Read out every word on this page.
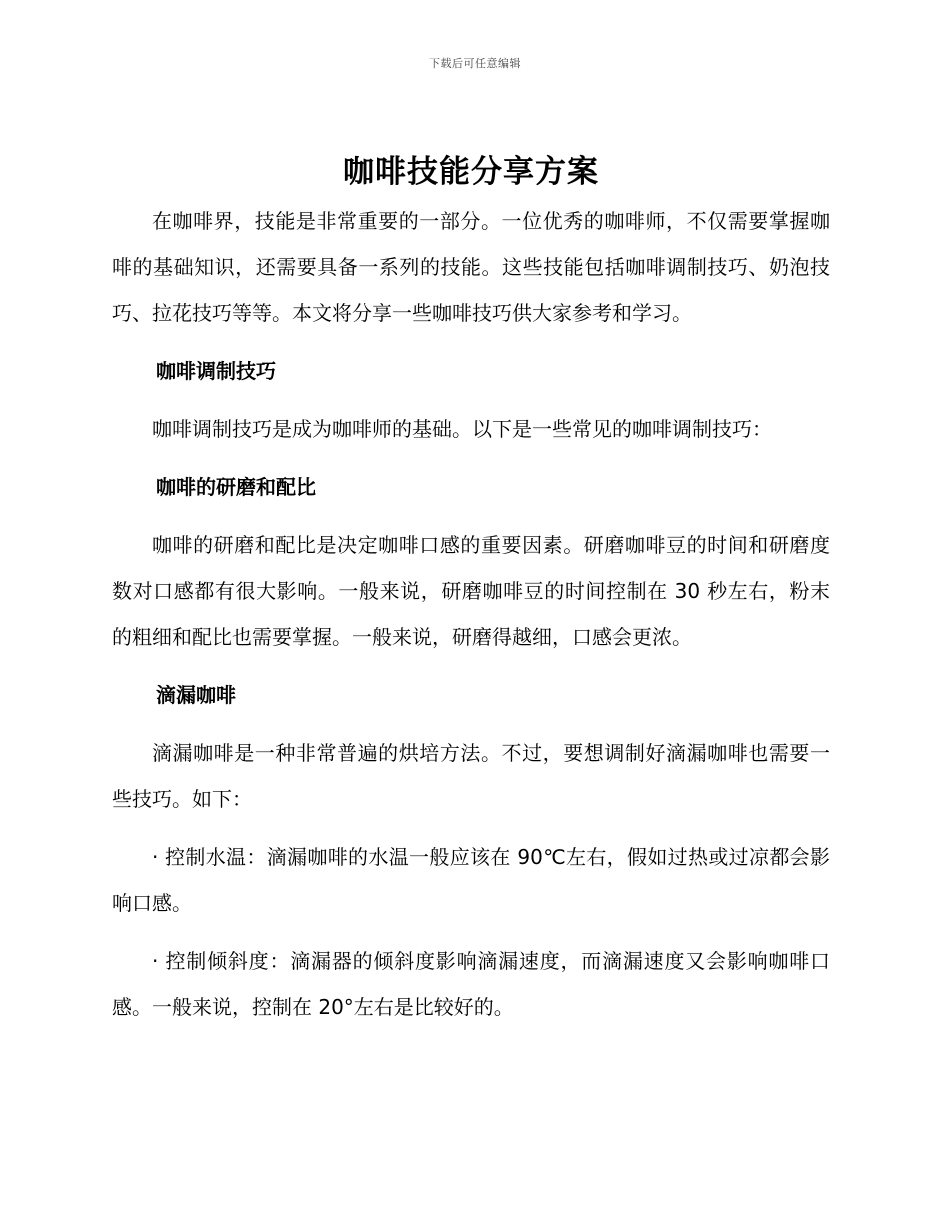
下载后可任意编辑
咖啡技能分享方案

在咖啡界，技能是非常重要的一部分。一位优秀的咖啡师，不仅需要掌握咖啡的基础知识，还需要具备一系列的技能。这些技能包括咖啡调制技巧、奶泡技巧、拉花技巧等等。本文将分享一些咖啡技巧供大家参考和学习。

咖啡调制技巧

咖啡调制技巧是成为咖啡师的基础。以下是一些常见的咖啡调制技巧：

咖啡的研磨和配比

咖啡的研磨和配比是决定咖啡口感的重要因素。研磨咖啡豆的时间和研磨度数对口感都有很大影响。一般来说，研磨咖啡豆的时间控制在 30 秒左右，粉末的粗细和配比也需要掌握。一般来说，研磨得越细，口感会更浓。

滴漏咖啡

滴漏咖啡是一种非常普遍的烘培方法。不过，要想调制好滴漏咖啡也需要一些技巧。如下：

· 控制水温：滴漏咖啡的水温一般应该在 90℃左右，假如过热或过凉都会影响口感。

· 控制倾斜度：滴漏器的倾斜度影响滴漏速度，而滴漏速度又会影响咖啡口感。一般来说，控制在 20°左右是比较好的。
